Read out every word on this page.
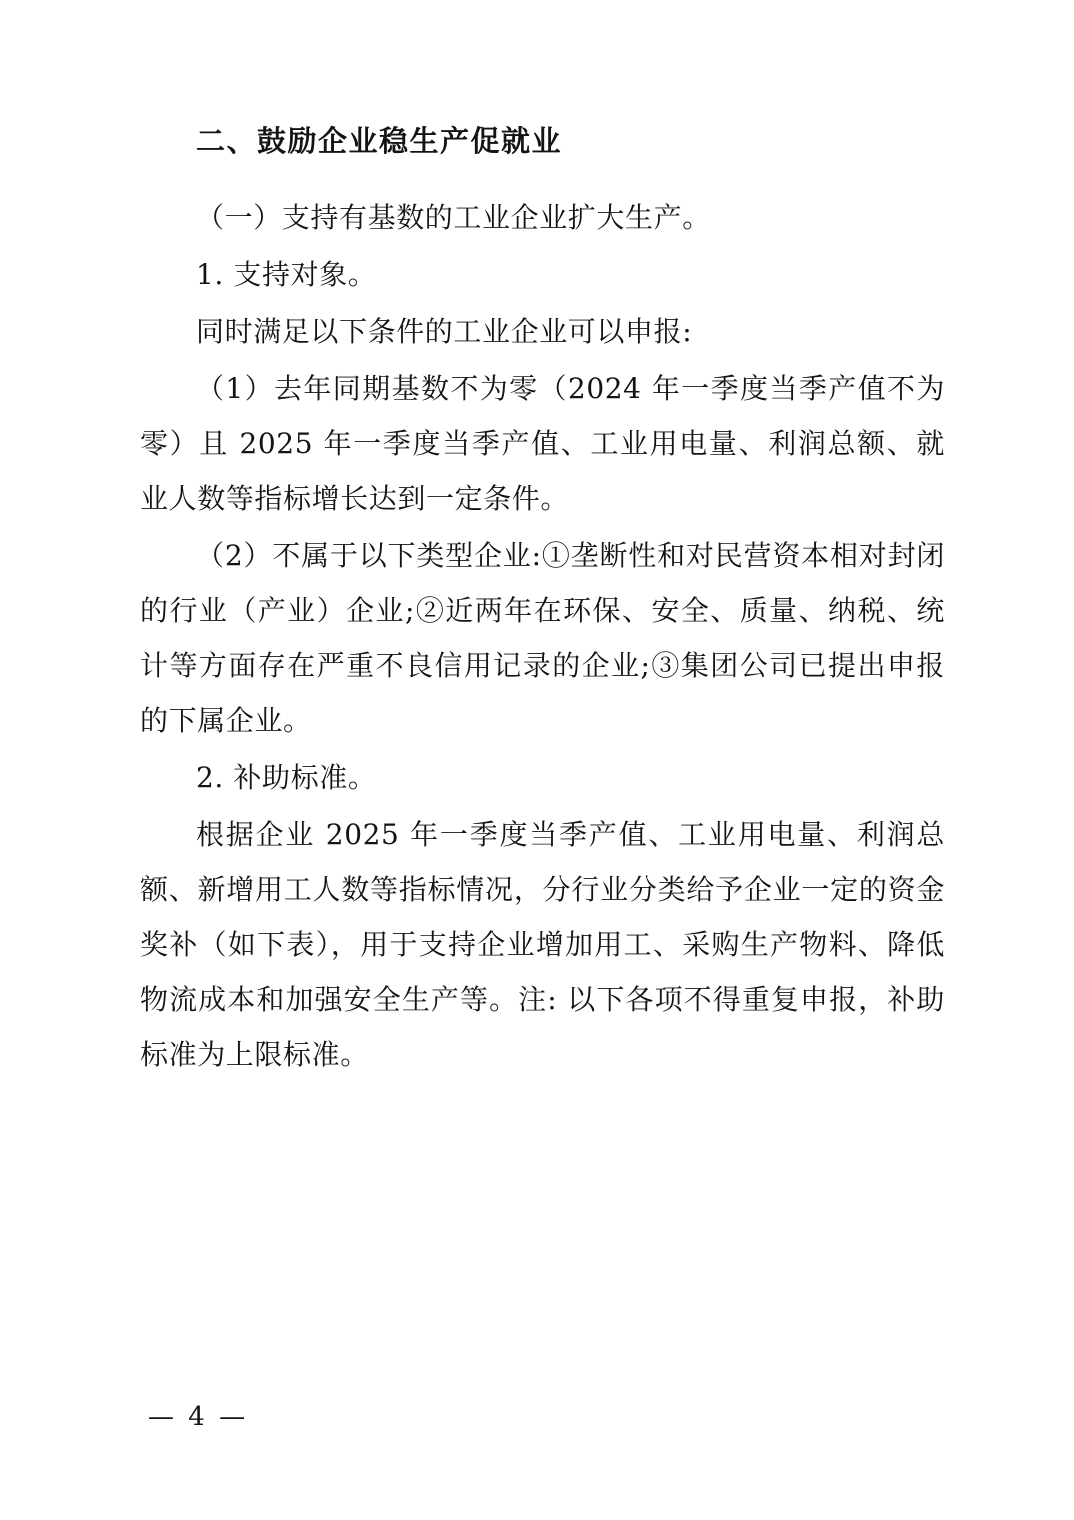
二、鼓励企业稳生产促就业

（一）支持有基数的工业企业扩大生产。

1. 支持对象。

同时满足以下条件的工业企业可以申报:

（1）去年同期基数不为零（2024 年一季度当季产值不为零）且 2025 年一季度当季产值、工业用电量、利润总额、就业人数等指标增长达到一定条件。

（2）不属于以下类型企业:①垄断性和对民营资本相对封闭的行业（产业）企业;②近两年在环保、安全、质量、纳税、统计等方面存在严重不良信用记录的企业;③集团公司已提出申报的下属企业。

2. 补助标准。

根据企业 2025 年一季度当季产值、工业用电量、利润总额、新增用工人数等指标情况，分行业分类给予企业一定的资金奖补（如下表），用于支持企业增加用工、采购生产物料、降低物流成本和加强安全生产等。注: 以下各项不得重复申报，补助标准为上限标准。

— 4 —
